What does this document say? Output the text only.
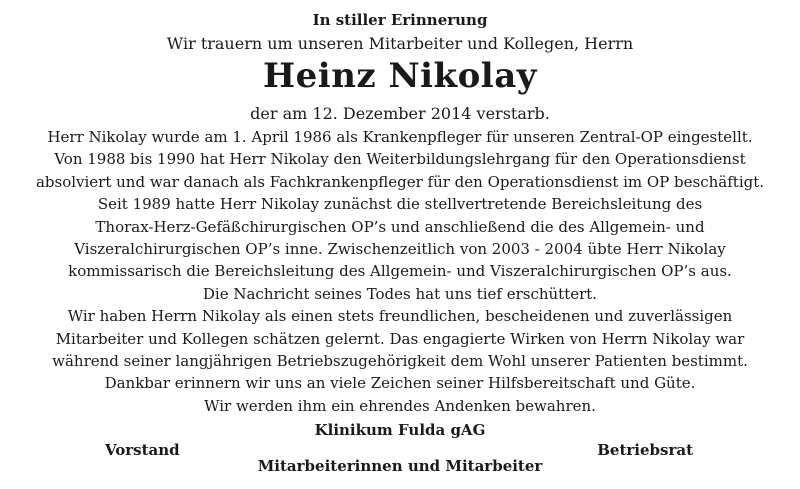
In stiller Erinnerung
Wir trauern um unseren Mitarbeiter und Kollegen, Herrn
Heinz Nikolay
der am 12. Dezember 2014 verstarb.
Herr Nikolay wurde am 1. April 1986 als Krankenpfleger für unseren Zentral-OP eingestellt.
Von 1988 bis 1990 hat Herr Nikolay den Weiterbildungslehrgang für den Operationsdienst
absolviert und war danach als Fachkrankenpfleger für den Operationsdienst im OP beschäftigt.
Seit 1989 hatte Herr Nikolay zunächst die stellvertretende Bereichsleitung des
Thorax-Herz-Gefäßchirurgischen OP’s und anschließend die des Allgemein- und
Viszeralchirurgischen OP’s inne. Zwischenzeitlich von 2003 - 2004 übte Herr Nikolay
kommissarisch die Bereichsleitung des Allgemein- und Viszeralchirurgischen OP’s aus.
Die Nachricht seines Todes hat uns tief erschüttert.
Wir haben Herrn Nikolay als einen stets freundlichen, bescheidenen und zuverlässigen
Mitarbeiter und Kollegen schätzen gelernt. Das engagierte Wirken von Herrn Nikolay war
während seiner langjährigen Betriebszugehörigkeit dem Wohl unserer Patienten bestimmt.
Dankbar erinnern wir uns an viele Zeichen seiner Hilfsbereitschaft und Güte.
Wir werden ihm ein ehrendes Andenken bewahren.
Klinikum Fulda gAG
Vorstand	Betriebsrat
Mitarbeiterinnen und Mitarbeiter
